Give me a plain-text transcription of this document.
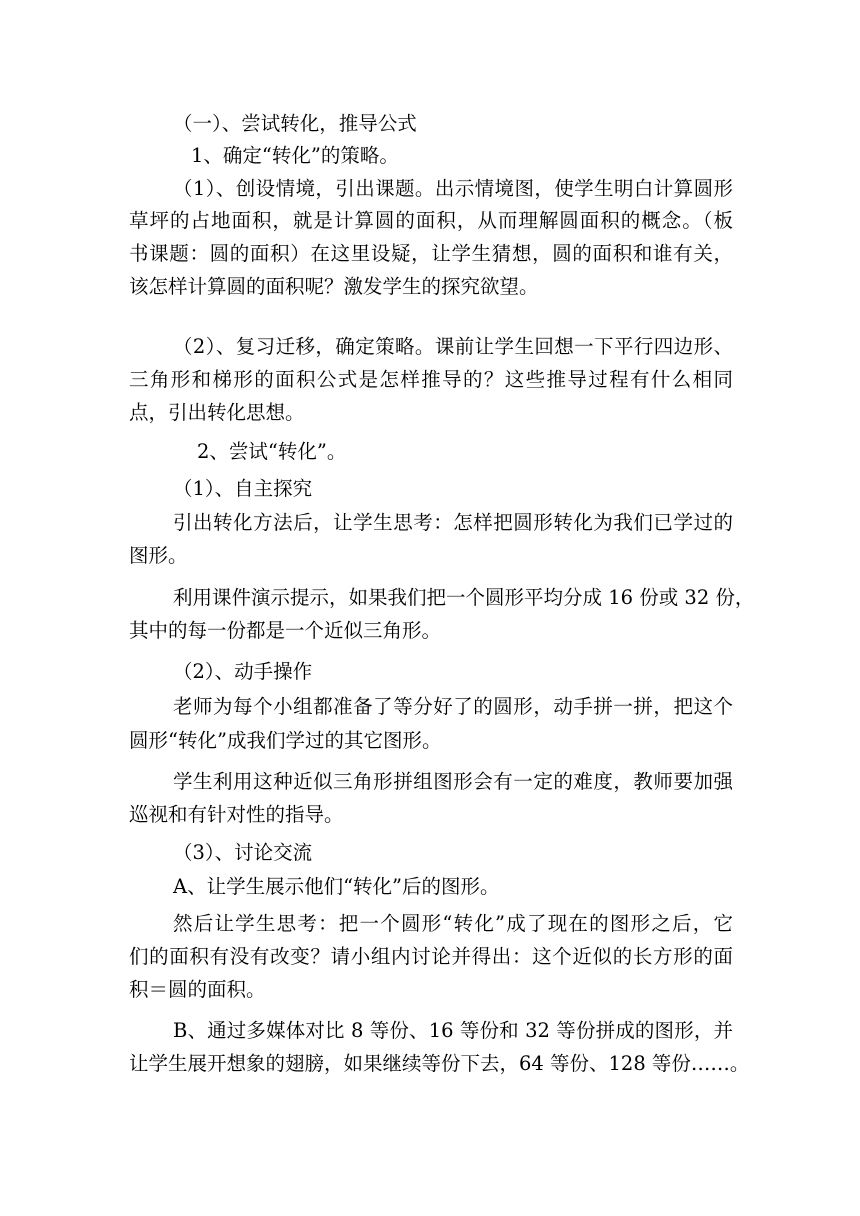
（一）、尝试转化，推导公式
1、确定“转化”的策略。
（1）、创设情境，引出课题。出示情境图，使学生明白计算圆形
草坪的占地面积，就是计算圆的面积，从而理解圆面积的概念。（板
书课题：圆的面积）在这里设疑，让学生猜想，圆的面积和谁有关，
该怎样计算圆的面积呢？激发学生的探究欲望。
（2）、复习迁移，确定策略。课前让学生回想一下平行四边形、
三角形和梯形的面积公式是怎样推导的？这些推导过程有什么相同
点，引出转化思想。
2、尝试“转化”。
（1）、自主探究
引出转化方法后，让学生思考：怎样把圆形转化为我们已学过的
图形。
利用课件演示提示，如果我们把一个圆形平均分成 16 份或 32 份，
其中的每一份都是一个近似三角形。
（2）、动手操作
老师为每个小组都准备了等分好了的圆形，动手拼一拼，把这个
圆形“转化”成我们学过的其它图形。
学生利用这种近似三角形拼组图形会有一定的难度，教师要加强
巡视和有针对性的指导。
（3）、讨论交流
A、让学生展示他们“转化”后的图形。
然后让学生思考：把一个圆形“转化”成了现在的图形之后，它
们的面积有没有改变？请小组内讨论并得出：这个近似的长方形的面
积＝圆的面积。
B、通过多媒体对比 8 等份、16 等份和 32 等份拼成的图形，并
让学生展开想象的翅膀，如果继续等份下去，64 等份、128 等份……。
